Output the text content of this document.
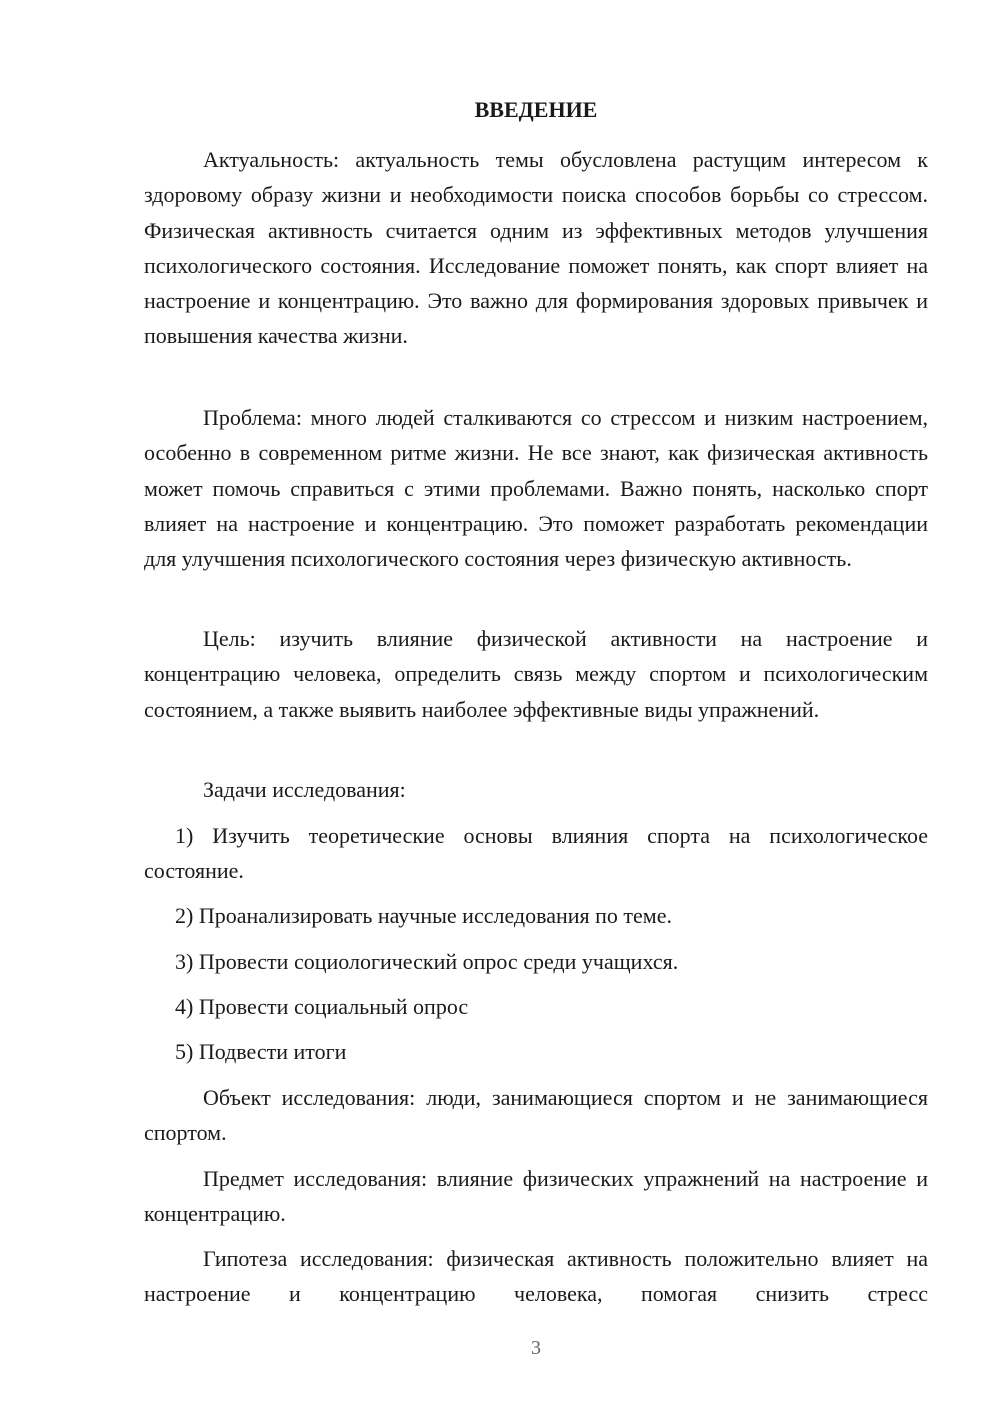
ВВЕДЕНИЕ

Актуальность: актуальность темы обусловлена растущим интересом к здоровому образу жизни и необходимости поиска способов борьбы со стрессом. Физическая активность считается одним из эффективных методов улучшения психологического состояния. Исследование поможет понять, как спорт влияет на настроение и концентрацию. Это важно для формирования здоровых привычек и повышения качества жизни.

Проблема: много людей сталкиваются со стрессом и низким настроением, особенно в современном ритме жизни. Не все знают, как физическая активность может помочь справиться с этими проблемами. Важно понять, насколько спорт влияет на настроение и концентрацию. Это поможет разработать рекомендации для улучшения психологического состояния через физическую активность.

Цель: изучить влияние физической активности на настроение и концентрацию человека, определить связь между спортом и психологическим состоянием, а также выявить наиболее эффективные виды упражнений.

Задачи исследования:

1) Изучить теоретические основы влияния спорта на психологическое состояние.

2) Проанализировать научные исследования по теме.

3) Провести социологический опрос среди учащихся.

4) Провести социальный опрос

5) Подвести итоги

Объект исследования: люди, занимающиеся спортом и не занимающиеся спортом.

Предмет исследования: влияние физических упражнений на настроение и концентрацию.

Гипотеза исследования: физическая активность положительно влияет на настроение и концентрацию человека, помогая снизить стресс

3
